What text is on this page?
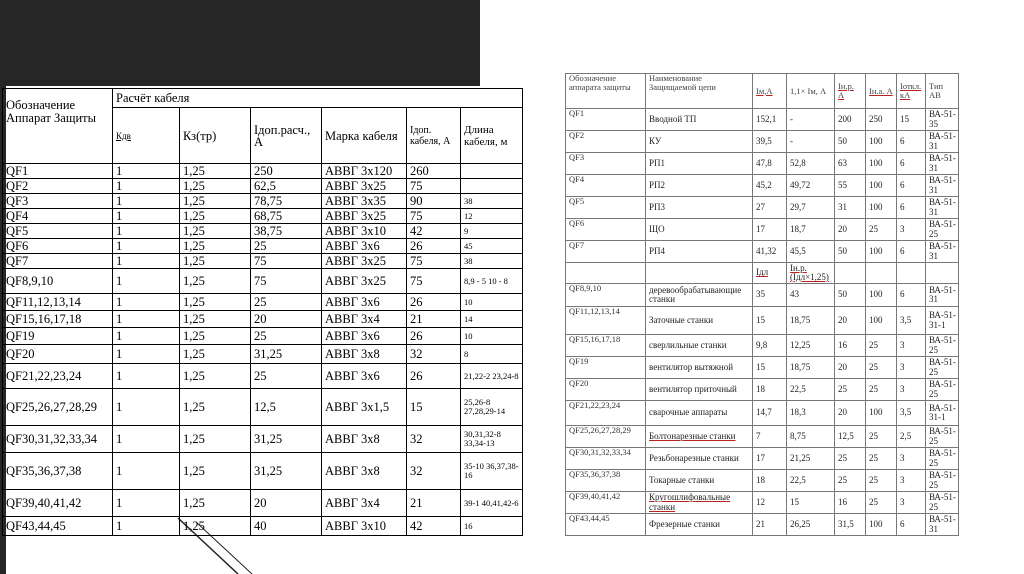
Обозначение Аппарат Защиты	Расчёт кабеля					
	Кдв	Кз(тр)	Iдоп.расч., А	Марка кабеля	Iдоп. кабеля, А	Длина кабеля, м
QF1	1	1,25	250	АВВГ 3х120	260	
QF2	1	1,25	62,5	АВВГ 3х25	75	
QF3	1	1,25	78,75	АВВГ 3х35	90	38
QF4	1	1,25	68,75	АВВГ 3х25	75	12
QF5	1	1,25	38,75	АВВГ 3х10	42	9
QF6	1	1,25	25	АВВГ 3х6	26	45
QF7	1	1,25	75	АВВГ 3х25	75	38
QF8,9,10	1	1,25	75	АВВГ 3х25	75	8,9 - 5 10 - 8
QF11,12,13,14	1	1,25	25	АВВГ 3х6	26	10
QF15,16,17,18	1	1,25	20	АВВГ 3х4	21	14
QF19	1	1,25	25	АВВГ 3х6	26	10
QF20	1	1,25	31,25	АВВГ 3х8	32	8
QF21,22,23,24	1	1,25	25	АВВГ 3х6	26	21,22-2 23,24-8
QF25,26,27,28,29	1	1,25	12,5	АВВГ 3х1,5	15	25,26-8 27,28,29-14
QF30,31,32,33,34	1	1,25	31,25	АВВГ 3х8	32	30,31,32-8 33,34-13
QF35,36,37,38	1	1,25	31,25	АВВГ 3х8	32	35-10 36,37,38-16
QF39,40,41,42	1	1,25	20	АВВГ 3х4	21	39-1 40,41,42-6
QF43,44,45	1	1,25	40	АВВГ 3х10	42	16
Обозначение аппарата защиты	Наименование Защищаемой цепи	Iм,А	1,1× Iм, А	Iн.р. А	Iн.а. А	Iоткл. кА	Тип АВ
QF1	Вводной ТП	152,1	-	200	250	15	ВА-51-35
QF2	КУ	39,5	-	50	100	6	ВА-51-31
QF3	РП1	47,8	52,8	63	100	6	ВА-51-31
QF4	РП2	45,2	49,72	55	100	6	ВА-51-31
QF5	РП3	27	29,7	31	100	6	ВА-51-31
QF6	ЩО	17	18,7	20	25	3	ВА-51-25
QF7	РП4	41,32	45,5	50	100	6	ВА-51-31
		Iдл	Iн.р. (Iдл×1,25)				
QF8,9,10	деревообрабатывающие станки	35	43	50	100	6	ВА-51-31
QF11,12,13,14	Заточные станки	15	18,75	20	100	3,5	ВА-51-31-1
QF15,16,17,18	сверлильные станки	9,8	12,25	16	25	3	ВА-51-25
QF19	вентилятор вытяжной	15	18,75	20	25	3	ВА-51-25
QF20	вентилятор приточный	18	22,5	25	25	3	ВА-51-25
QF21,22,23,24	сварочные аппараты	14,7	18,3	20	100	3,5	ВА-51-31-1
QF25,26,27,28,29	Болтонарезные станки	7	8,75	12,5	25	2,5	ВА-51-25
QF30,31,32,33,34	Резьбонарезные станки	17	21,25	25	25	3	ВА-51-25
QF35,36,37,38	Токарные станки	18	22,5	25	25	3	ВА-51-25
QF39,40,41,42	Кругошлифовальные станки	12	15	16	25	3	ВА-51-25
QF43,44,45	Фрезерные станки	21	26,25	31,5	100	6	ВА-51-31
